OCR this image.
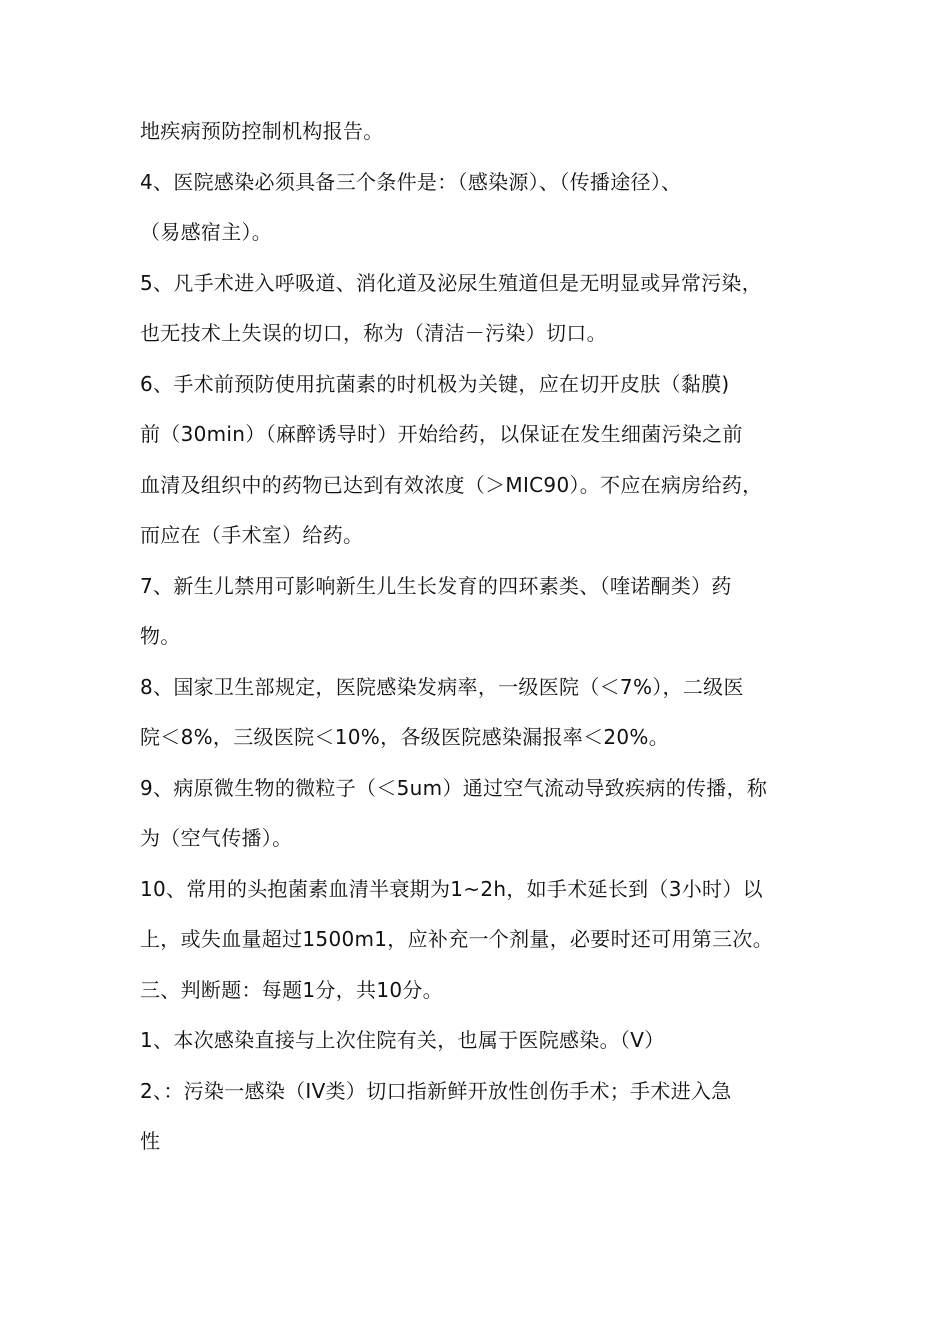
地疾病预防控制机构报告。

4、医院感染必须具备三个条件是：（感染源）、（传播途径）、

（易感宿主）。

5、凡手术进入呼吸道、消化道及泌尿生殖道但是无明显或异常污染，

也无技术上失误的切口，称为（清洁－污染）切口。

6、手术前预防使用抗菌素的时机极为关键，应在切开皮肤（黏膜)

前（30min）（麻醉诱导时）开始给药，以保证在发生细菌污染之前

血清及组织中的药物已达到有效浓度（＞MIC90）。不应在病房给药，

而应在（手术室）给药。

7、新生儿禁用可影响新生儿生长发育的四环素类、（喹诺酮类）药

物。

8、国家卫生部规定，医院感染发病率，一级医院（＜7%），二级医

院＜8%，三级医院＜10%，各级医院感染漏报率＜20%。

9、病原微生物的微粒子（＜5um）通过空气流动导致疾病的传播，称

为（空气传播）。

10、常用的头抱菌素血清半衰期为1~2h，如手术延长到（3小时）以

上，或失血量超过1500m1，应补充一个剂量，必要时还可用第三次。

三、判断题：每题1分，共10分。

1、本次感染直接与上次住院有关，也属于医院感染。（V）

2、：污染一感染（IV类）切口指新鲜开放性创伤手术；手术进入急

性
